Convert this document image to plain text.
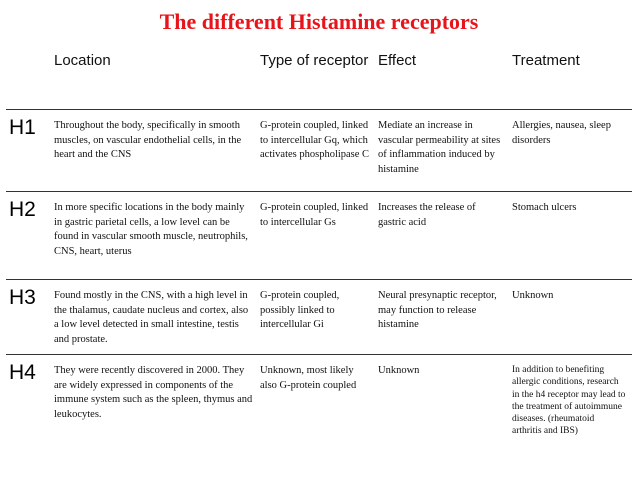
The different Histamine receptors
	Location	Type of receptor	Effect	Treatment
H1	Throughout the body, specifically in smooth muscles, on vascular endothelial cells, in the heart and the CNS	G-protein coupled, linked to intercellular Gq, which activates phospholipase C	Mediate an increase in vascular permeability at sites of inflammation induced by histamine	Allergies, nausea, sleep disorders
H2	In more specific locations in the body mainly in gastric parietal cells, a low level can be found in vascular smooth muscle, neutrophils, CNS, heart, uterus	G-protein coupled, linked to intercellular Gs	Increases the release of gastric acid	Stomach ulcers
H3	Found mostly in the CNS, with a high level in the thalamus, caudate nucleus and cortex, also a low level detected in small intestine, testis and prostate.	G-protein coupled, possibly linked to intercellular Gi	Neural presynaptic receptor, may function to release histamine	Unknown
H4	They were recently discovered in 2000. They are widely expressed in components of the immune system such as the spleen, thymus and leukocytes.	Unknown, most likely also G-protein coupled	Unknown	In addition to benefiting allergic conditions, research in the h4 receptor may lead to the treatment of autoimmune diseases. (rheumatoid arthritis and IBS)
